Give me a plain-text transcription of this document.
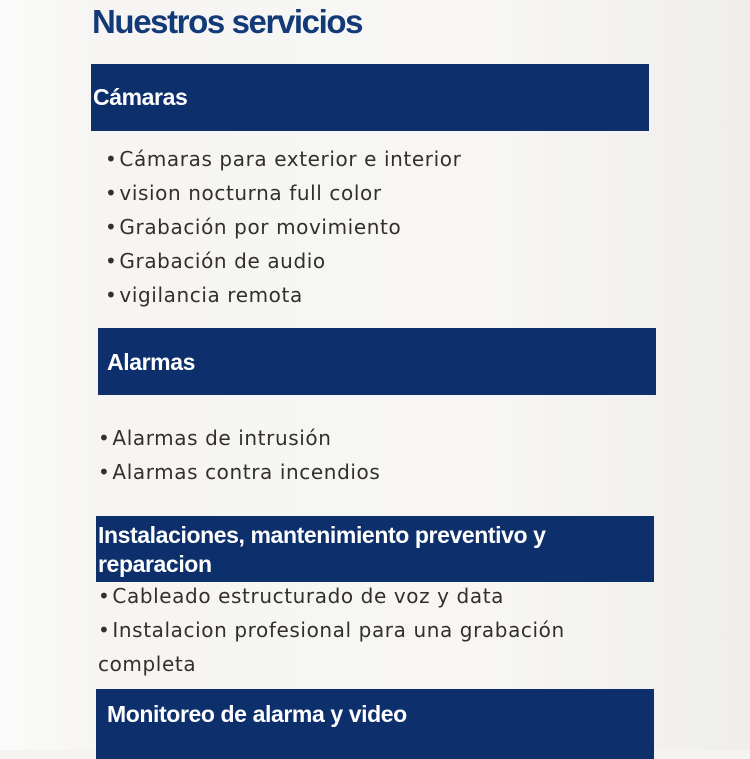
Nuestros servicios
Cámaras
• Cámaras para exterior e interior
• vision nocturna full color
• Grabación por movimiento
• Grabación de audio
• vigilancia remota
Alarmas
• Alarmas de intrusión
• Alarmas contra incendios
Instalaciones, mantenimiento preventivo y reparacion
• Cableado estructurado de voz y data
• Instalacion profesional para una grabación completa
Monitoreo de alarma y video
